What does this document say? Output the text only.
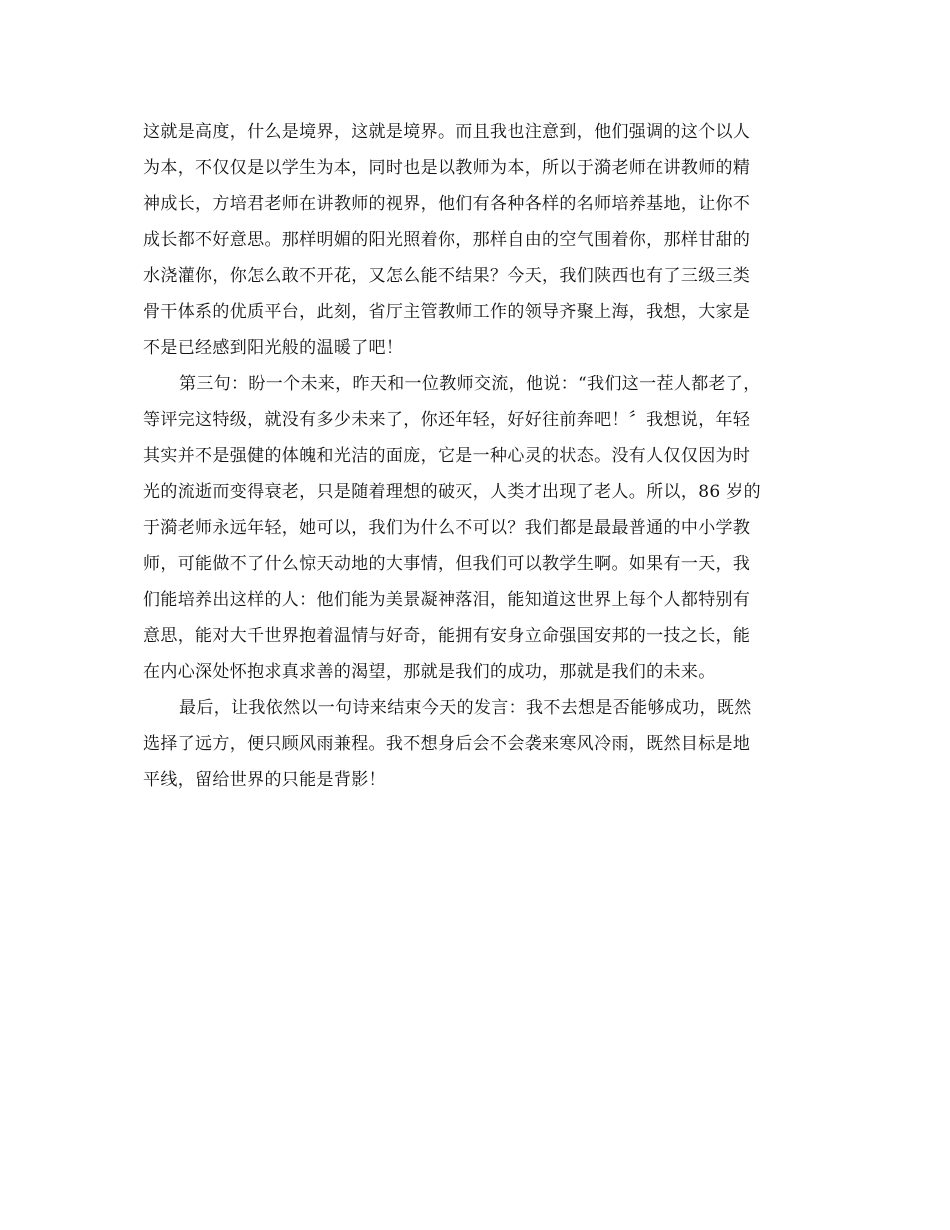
这就是高度，什么是境界，这就是境界。而且我也注意到，他们强调的这个以人
为本，不仅仅是以学生为本，同时也是以教师为本，所以于漪老师在讲教师的精
神成长，方培君老师在讲教师的视界，他们有各种各样的名师培养基地，让你不
成长都不好意思。那样明媚的阳光照着你，那样自由的空气围着你，那样甘甜的
水浇灌你，你怎么敢不开花，又怎么能不结果？今天，我们陕西也有了三级三类
骨干体系的优质平台，此刻，省厅主管教师工作的领导齐聚上海，我想，大家是
不是已经感到阳光般的温暖了吧！
第三句：盼一个未来，昨天和一位教师交流，他说：“我们这一茬人都老了，
等评完这特级，就没有多少未来了，你还年轻，好好往前奔吧！〞我想说，年轻
其实并不是强健的体魄和光洁的面庞，它是一种心灵的状态。没有人仅仅因为时
光的流逝而变得衰老，只是随着理想的破灭，人类才出现了老人。所以，86 岁的
于漪老师永远年轻，她可以，我们为什么不可以？我们都是最最普通的中小学教
师，可能做不了什么惊天动地的大事情，但我们可以教学生啊。如果有一天，我
们能培养出这样的人：他们能为美景凝神落泪，能知道这世界上每个人都特别有
意思，能对大千世界抱着温情与好奇，能拥有安身立命强国安邦的一技之长，能
在内心深处怀抱求真求善的渴望，那就是我们的成功，那就是我们的未来。
最后，让我依然以一句诗来结束今天的发言：我不去想是否能够成功，既然
选择了远方，便只顾风雨兼程。我不想身后会不会袭来寒风冷雨，既然目标是地
平线，留给世界的只能是背影！
